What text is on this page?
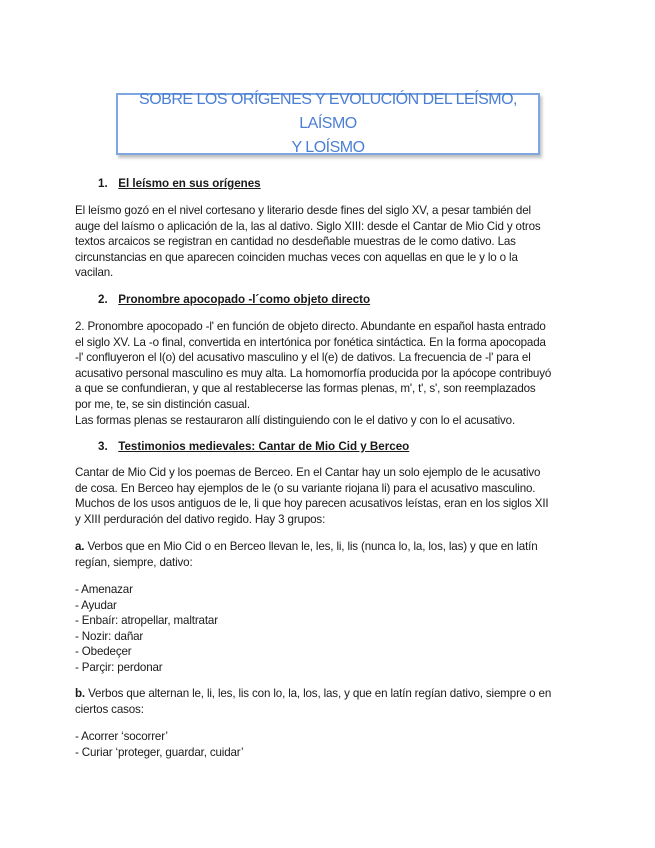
SOBRE LOS ORÍGENES Y EVOLUCIÓN DEL LEÍSMO, LAÍSMO
Y LOÍSMO
1. El leísmo en sus orígenes
El leísmo gozó en el nivel cortesano y literario desde fines del siglo XV, a pesar también del
auge del laísmo o aplicación de la, las al dativo. Siglo XIII: desde el Cantar de Mio Cid y otros
textos arcaicos se registran en cantidad no desdeñable muestras de le como dativo. Las
circunstancias en que aparecen coinciden muchas veces con aquellas en que le y lo o la
vacilan.
2. Pronombre apocopado -l´como objeto directo
2. Pronombre apocopado -l' en función de objeto directo. Abundante en español hasta entrado
el siglo XV. La -o final, convertida en intertónica por fonética sintáctica. En la forma apocopada
-l' confluyeron el l(o) del acusativo masculino y el l(e) de dativos. La frecuencia de -l' para el
acusativo personal masculino es muy alta. La homomorfía producida por la apócope contribuyó
a que se confundieran, y que al restablecerse las formas plenas, m', t', s', son reemplazados
por me, te, se sin distinción casual.
Las formas plenas se restauraron allí distinguiendo con le el dativo y con lo el acusativo.
3. Testimonios medievales: Cantar de Mio Cid y Berceo
Cantar de Mio Cid y los poemas de Berceo. En el Cantar hay un solo ejemplo de le acusativo
de cosa. En Berceo hay ejemplos de le (o su variante riojana li) para el acusativo masculino.
Muchos de los usos antiguos de le, li que hoy parecen acusativos leístas, eran en los siglos XII
y XIII perduración del dativo regido. Hay 3 grupos:
a. Verbos que en Mio Cid o en Berceo llevan le, les, li, lis (nunca lo, la, los, las) y que en latín
regían, siempre, dativo:
- Amenazar
- Ayudar
- Enbaír: atropellar, maltratar
- Nozir: dañar
- Obedeçer
- Parçir: perdonar
b. Verbos que alternan le, li, les, lis con lo, la, los, las, y que en latín regían dativo, siempre o en
ciertos casos:
- Acorrer ‘socorrer’
- Curiar ‘proteger, guardar, cuidar’
